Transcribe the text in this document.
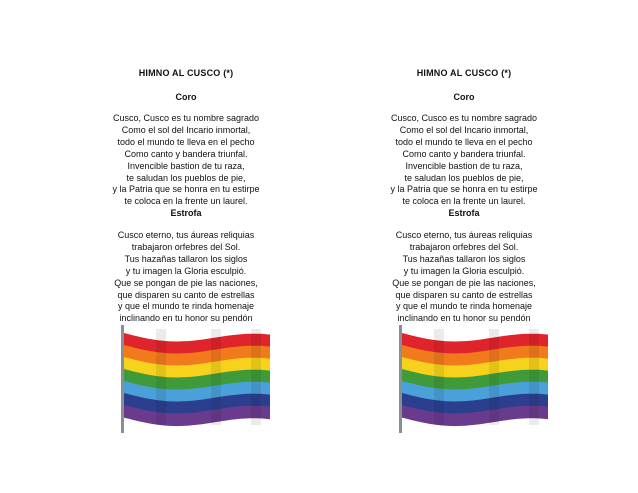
HIMNO AL CUSCO (*)
Coro
Cusco, Cusco es tu nombre sagrado
Como el sol del Incario inmortal,
todo el mundo te lleva en el pecho
Como canto y bandera triunfal.
Invencible bastion de tu raza,
te saludan los pueblos de pie,
y la Patria que se honra en tu estirpe
te coloca en la frente un laurel.
Estrofa
Cusco eterno, tus áureas reliquias
trabajaron orfebres del Sol.
Tus hazañas tallaron los siglos
y tu imagen la Gloria esculpió.
Que se pongan de pie las naciones,
que disparen su canto de estrellas
y que el mundo te rinda homenaje
inclinando en tu honor su pendón
HIMNO AL CUSCO (*)
Coro
Cusco, Cusco es tu nombre sagrado
Como el sol del Incario inmortal,
todo el mundo te lleva en el pecho
Como canto y bandera triunfal.
Invencible bastion de tu raza,
te saludan los pueblos de pie,
y la Patria que se honra en tu estirpe
te coloca en la frente un laurel.
Estrofa
Cusco eterno, tus áureas reliquias
trabajaron orfebres del Sol.
Tus hazañas tallaron los siglos
y tu imagen la Gloria esculpió.
Que se pongan de pie las naciones,
que disparen su canto de estrellas
y que el mundo te rinda homenaje
inclinando en tu honor su pendón
